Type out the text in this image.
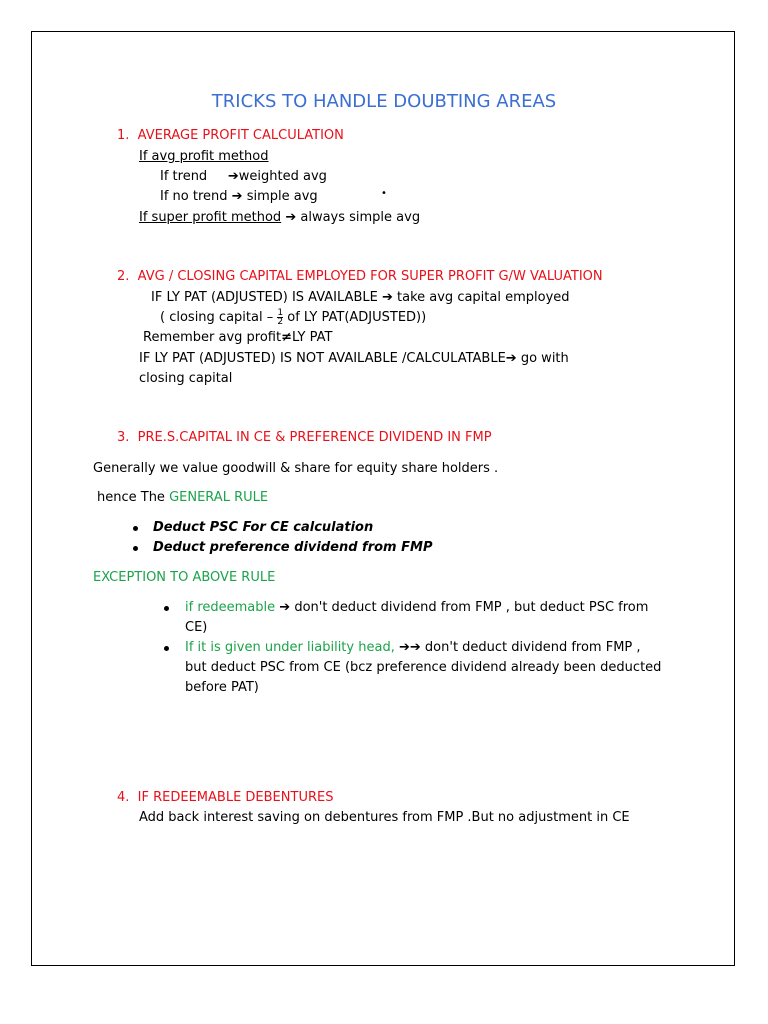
TRICKS TO HANDLE DOUBTING AREAS
1. AVERAGE PROFIT CALCULATION
If avg profit method
If trend ➔weighted avg
If no trend ➔ simple avg	•
If super profit method ➔ always simple avg
2. AVG / CLOSING CAPITAL EMPLOYED FOR SUPER PROFIT G/W VALUATION
IF LY PAT (ADJUSTED) IS AVAILABLE ➔ take avg capital employed
( closing capital – $\frac{1}{2}$ of LY PAT(ADJUSTED))
Remember avg profit≠LY PAT
IF LY PAT (ADJUSTED) IS NOT AVAILABLE /CALCULATABLE➔ go with
closing capital
3. PRE.S.CAPITAL IN CE & PREFERENCE DIVIDEND IN FMP
Generally we value goodwill & share for equity share holders .
hence The GENERAL RULE
Deduct PSC For CE calculation
Deduct preference dividend from FMP
EXCEPTION TO ABOVE RULE
if redeemable ➔ don't deduct dividend from FMP , but deduct PSC from
CE)
If it is given under liability head, ➔➔ don't deduct dividend from FMP ,
but deduct PSC from CE (bcz preference dividend already been deducted
before PAT)
4. IF REDEEMABLE DEBENTURES
Add back interest saving on debentures from FMP .But no adjustment in CE
